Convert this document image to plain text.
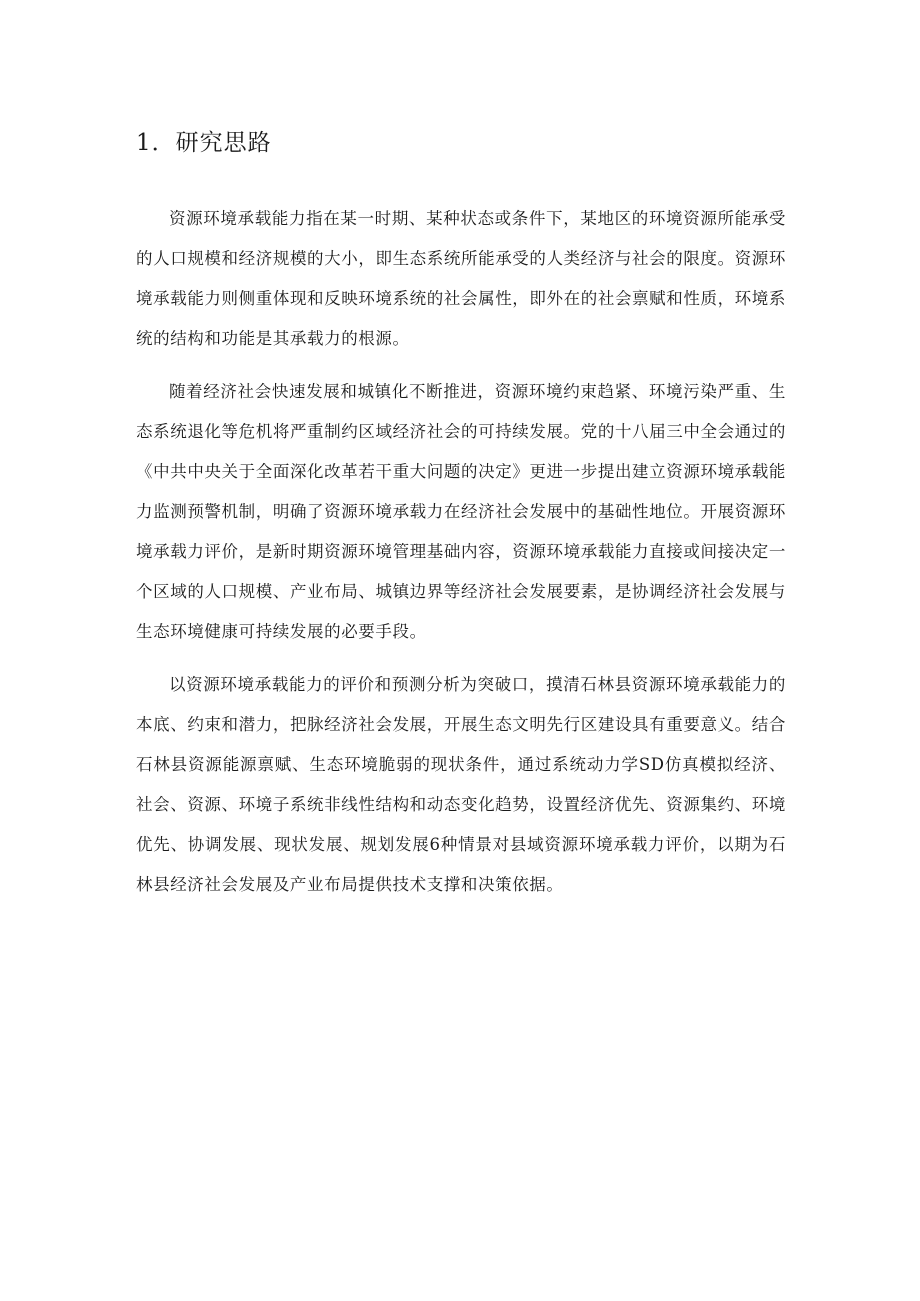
1．研究思路

资源环境承载能力指在某一时期、某种状态或条件下，某地区的环境资源所能承受的人口规模和经济规模的大小，即生态系统所能承受的人类经济与社会的限度。资源环境承载能力则侧重体现和反映环境系统的社会属性，即外在的社会禀赋和性质，环境系统的结构和功能是其承载力的根源。

随着经济社会快速发展和城镇化不断推进，资源环境约束趋紧、环境污染严重、生态系统退化等危机将严重制约区域经济社会的可持续发展。党的十八届三中全会通过的《中共中央关于全面深化改革若干重大问题的决定》更进一步提出建立资源环境承载能力监测预警机制，明确了资源环境承载力在经济社会发展中的基础性地位。开展资源环境承载力评价，是新时期资源环境管理基础内容，资源环境承载能力直接或间接决定一个区域的人口规模、产业布局、城镇边界等经济社会发展要素，是协调经济社会发展与生态环境健康可持续发展的必要手段。

以资源环境承载能力的评价和预测分析为突破口，摸清石林县资源环境承载能力的本底、约束和潜力，把脉经济社会发展，开展生态文明先行区建设具有重要意义。结合石林县资源能源禀赋、生态环境脆弱的现状条件，通过系统动力学SD仿真模拟经济、社会、资源、环境子系统非线性结构和动态变化趋势，设置经济优先、资源集约、环境优先、协调发展、现状发展、规划发展6种情景对县域资源环境承载力评价，以期为石林县经济社会发展及产业布局提供技术支撑和决策依据。
